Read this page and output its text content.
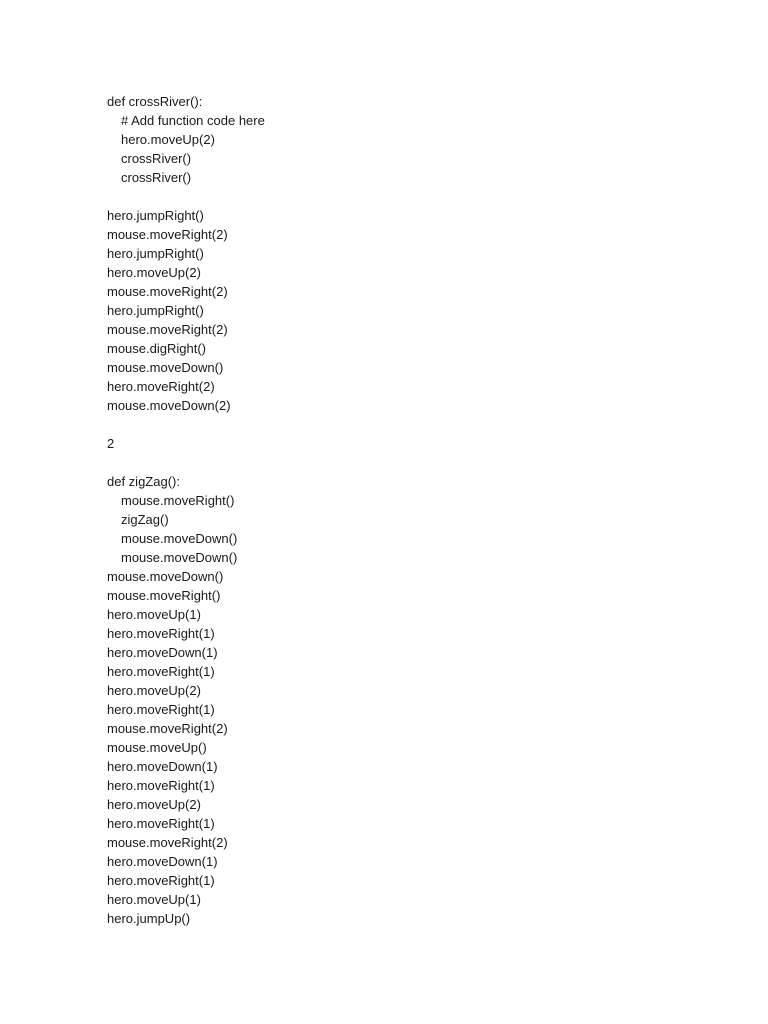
def crossRiver():
# Add function code here
hero.moveUp(2)
crossRiver()
crossRiver()
hero.jumpRight()
mouse.moveRight(2)
hero.jumpRight()
hero.moveUp(2)
mouse.moveRight(2)
hero.jumpRight()
mouse.moveRight(2)
mouse.digRight()
mouse.moveDown()
hero.moveRight(2)
mouse.moveDown(2)
2
def zigZag():
mouse.moveRight()
zigZag()
mouse.moveDown()
mouse.moveDown()
mouse.moveDown()
mouse.moveRight()
hero.moveUp(1)
hero.moveRight(1)
hero.moveDown(1)
hero.moveRight(1)
hero.moveUp(2)
hero.moveRight(1)
mouse.moveRight(2)
mouse.moveUp()
hero.moveDown(1)
hero.moveRight(1)
hero.moveUp(2)
hero.moveRight(1)
mouse.moveRight(2)
hero.moveDown(1)
hero.moveRight(1)
hero.moveUp(1)
hero.jumpUp()
